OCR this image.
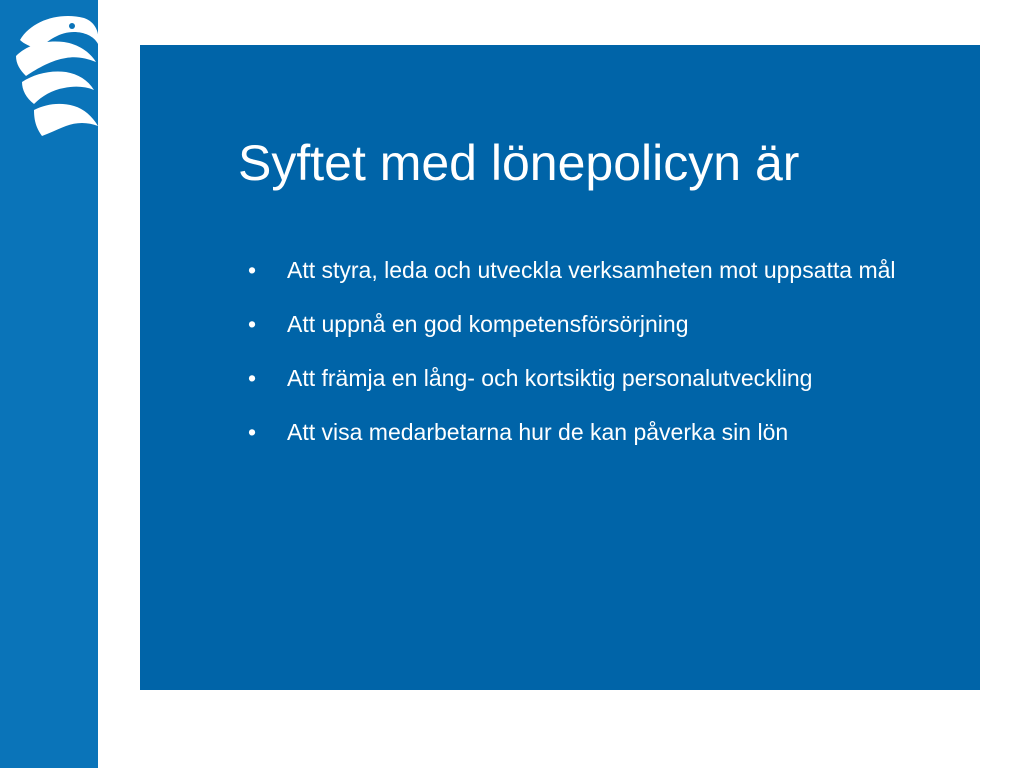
Syftet med lönepolicyn är
• Att styra, leda och utveckla verksamheten mot uppsatta mål
• Att uppnå en god kompetensförsörjning
• Att främja en lång- och kortsiktig personalutveckling
• Att visa medarbetarna hur de kan påverka sin lön
